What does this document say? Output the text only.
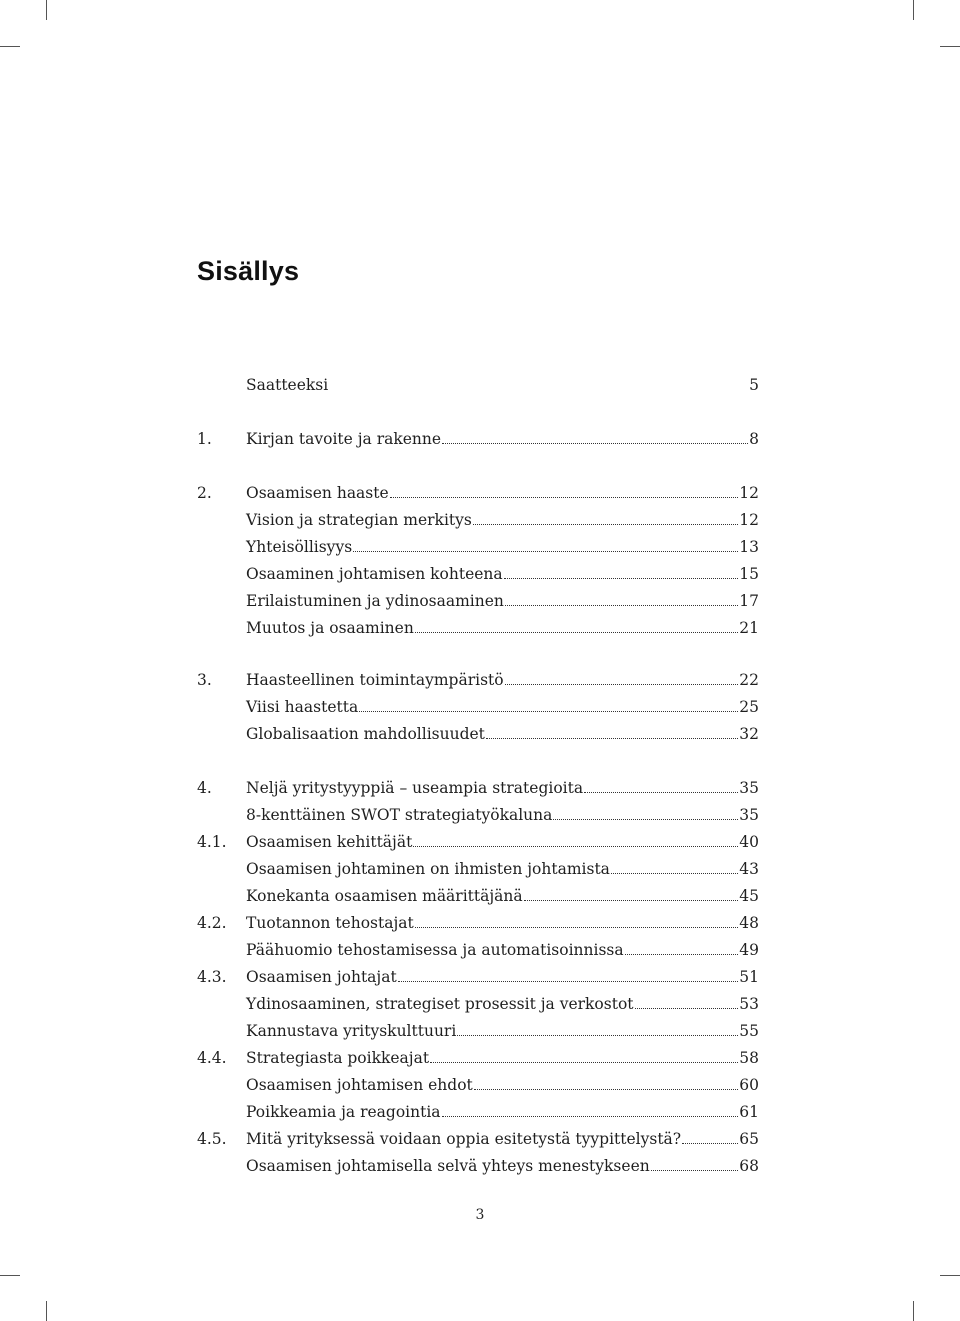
Sisällys
Saatteeksi	5
1.	Kirjan tavoite ja rakenne	8
2.	Osaamisen haaste	12
Vision ja strategian merkitys	12
Yhteisöllisyys	13
Osaaminen johtamisen kohteena	15
Erilaistuminen ja ydinosaaminen	17
Muutos ja osaaminen	21
3.	Haasteellinen toimintaympäristö	22
Viisi haastetta	25
Globalisaation mahdollisuudet	32
4.	Neljä yritystyyppiä – useampia strategioita	35
8-kenttäinen SWOT strategiatyökaluna	35
4.1.	Osaamisen kehittäjät	40
Osaamisen johtaminen on ihmisten johtamista	43
Konekanta osaamisen määrittäjänä	45
4.2.	Tuotannon tehostajat	48
Päähuomio tehostamisessa ja automatisoinnissa	49
4.3.	Osaamisen johtajat	51
Ydinosaaminen, strategiset prosessit ja verkostot	53
Kannustava yrityskulttuuri	55
4.4.	Strategiasta poikkeajat	58
Osaamisen johtamisen ehdot	60
Poikkeamia ja reagointia	61
4.5.	Mitä yrityksessä voidaan oppia esitetystä tyypittelystä?	65
Osaamisen johtamisella selvä yhteys menestykseen	68
3
